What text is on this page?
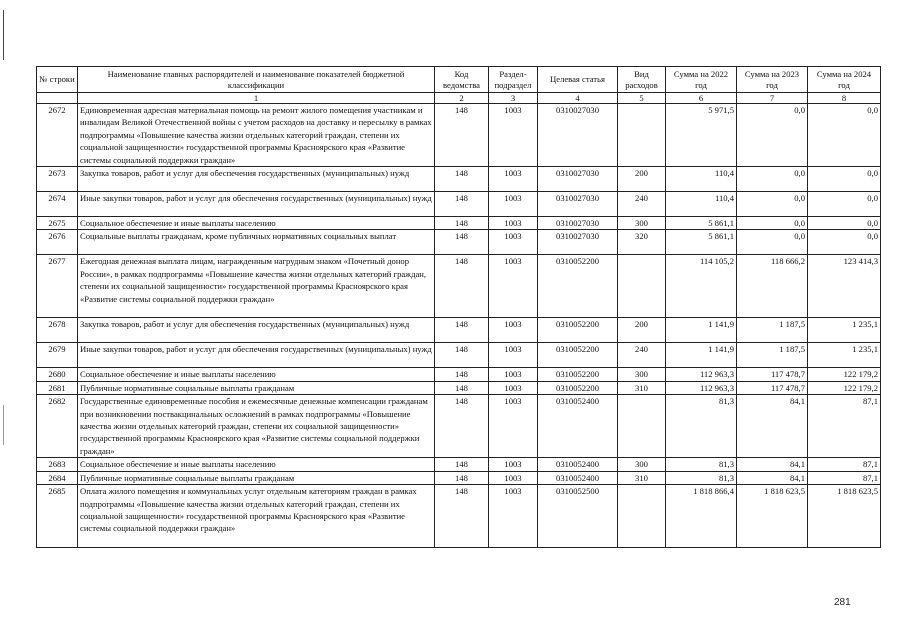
№ строки	Наименование главных распорядителей и наименование показателей бюджетной классификации	Код ведомства	Раздел-подраздел	Целевая статья	Вид расходов	Сумма на 2022 год	Сумма на 2023 год	Сумма на 2024 год
	1	2	3	4	5	6	7	8
2672	Единовременная адресная материальная помощь на ремонт жилого помещения участникам и инвалидам Великой Отечественной войны с учетом расходов на доставку и пересылку в рамках подпрограммы «Повышение качества жизни отдельных категорий граждан, степени их социальной защищенности» государственной программы Красноярского края «Развитие системы социальной поддержки граждан»	148	1003	0310027030		5 971,5	0,0	0,0
2673	Закупка товаров, работ и услуг для обеспечения государственных (муниципальных) нужд	148	1003	0310027030	200	110,4	0,0	0,0
2674	Иные закупки товаров, работ и услуг для обеспечения государственных (муниципальных) нужд	148	1003	0310027030	240	110,4	0,0	0,0
2675	Социальное обеспечение и иные выплаты населению	148	1003	0310027030	300	5 861,1	0,0	0,0
2676	Социальные выплаты гражданам, кроме публичных нормативных социальных выплат	148	1003	0310027030	320	5 861,1	0,0	0,0
2677	Ежегодная денежная выплата лицам, награжденным нагрудным знаком «Почетный донор России», в рамках подпрограммы «Повышение качества жизни отдельных категорий граждан, степени их социальной защищенности» государственной программы Красноярского края «Развитие системы социальной поддержки граждан»	148	1003	0310052200		114 105,2	118 666,2	123 414,3
2678	Закупка товаров, работ и услуг для обеспечения государственных (муниципальных) нужд	148	1003	0310052200	200	1 141,9	1 187,5	1 235,1
2679	Иные закупки товаров, работ и услуг для обеспечения государственных (муниципальных) нужд	148	1003	0310052200	240	1 141,9	1 187,5	1 235,1
2680	Социальное обеспечение и иные выплаты населению	148	1003	0310052200	300	112 963,3	117 478,7	122 179,2
2681	Публичные нормативные социальные выплаты гражданам	148	1003	0310052200	310	112 963,3	117 478,7	122 179,2
2682	Государственные единовременные пособия и ежемесячные денежные компенсации гражданам при возникновении поствакцинальных осложнений в рамках подпрограммы «Повышение качества жизни отдельных категорий граждан, степени их социальной защищенности» государственной программы Красноярского края «Развитие системы социальной поддержки граждан»	148	1003	0310052400		81,3	84,1	87,1
2683	Социальное обеспечение и иные выплаты населению	148	1003	0310052400	300	81,3	84,1	87,1
2684	Публичные нормативные социальные выплаты гражданам	148	1003	0310052400	310	81,3	84,1	87,1
2685	Оплата жилого помещения и коммунальных услуг отдельным категориям граждан в рамках подпрограммы «Повышение качества жизни отдельных категорий граждан, степени их социальной защищенности» государственной программы Красноярского края «Развитие системы социальной поддержки граждан»	148	1003	0310052500		1 818 866,4	1 818 623,5	1 818 623,5
281
